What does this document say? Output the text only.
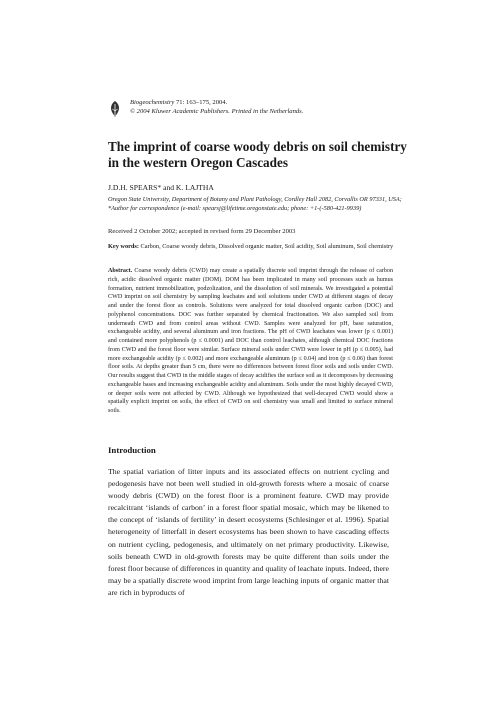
Biogeochemistry 71: 163–175, 2004.
© 2004 Kluwer Academic Publishers. Printed in the Netherlands.
The imprint of coarse woody debris on soil chemistry in the western Oregon Cascades
J.D.H. SPEARS* and K. LAJTHA
Oregon State University, Department of Botany and Plant Pathology, Cordley Hall 2082, Corvallis OR 97331, USA; *Author for correspondence (e-mail: spearsj@lifetime.oregonstate.edu; phone: +1-(-580-421-9939)
Received 2 October 2002; accepted in revised form 29 December 2003
Key words: Carbon, Coarse woody debris, Dissolved organic matter, Soil acidity, Soil aluminum, Soil chemistry

Abstract. Coarse woody debris (CWD) may create a spatially discrete soil imprint through the release of carbon rich, acidic dissolved organic matter (DOM). DOM has been implicated in many soil processes such as humus formation, nutrient immobilization, podzolization, and the dissolution of soil minerals. We investigated a potential CWD imprint on soil chemistry by sampling leachates and soil solutions under CWD at different stages of decay and under the forest floor as controls. Solutions were analyzed for total dissolved organic carbon (DOC) and polyphenol concentrations. DOC was further separated by chemical fractionation. We also sampled soil from underneath CWD and from control areas without CWD. Samples were analyzed for pH, base saturation, exchangeable acidity, and several aluminum and iron fractions. The pH of CWD leachates was lower (p ≤ 0.001) and contained more polyphenols (p ≤ 0.0001) and DOC than control leachates, although chemical DOC fractions from CWD and the forest floor were similar. Surface mineral soils under CWD were lower in pH (p ≤ 0.005), had more exchangeable acidity (p ≤ 0.002) and more exchangeable aluminum (p ≤ 0.04) and iron (p ≤ 0.06) than forest floor soils. At depths greater than 5 cm, there were no differences between forest floor soils and soils under CWD. Our results suggest that CWD in the middle stages of decay acidifies the surface soil as it decomposes by decreasing exchangeable bases and increasing exchangeable acidity and aluminum. Soils under the most highly decayed CWD, or deeper soils were not affected by CWD. Although we hypothesized that well-decayed CWD would show a spatially explicit imprint on soils, the effect of CWD on soil chemistry was small and limited to surface mineral soils.

Introduction

The spatial variation of litter inputs and its associated effects on nutrient cycling and pedogenesis have not been well studied in old-growth forests where a mosaic of coarse woody debris (CWD) on the forest floor is a prominent feature. CWD may provide recalcitrant ‘islands of carbon’ in a forest floor spatial mosaic, which may be likened to the concept of ‘islands of fertility’ in desert ecosystems (Schlesinger et al. 1996). Spatial heterogeneity of litterfall in desert ecosystems has been shown to have cascading effects on nutrient cycling, pedogenesis, and ultimately on net primary productivity. Likewise, soils beneath CWD in old-growth forests may be quite different than soils under the forest floor because of differences in quantity and quality of leachate inputs. Indeed, there may be a spatially discrete wood imprint from large leaching inputs of organic matter that are rich in byproducts of
